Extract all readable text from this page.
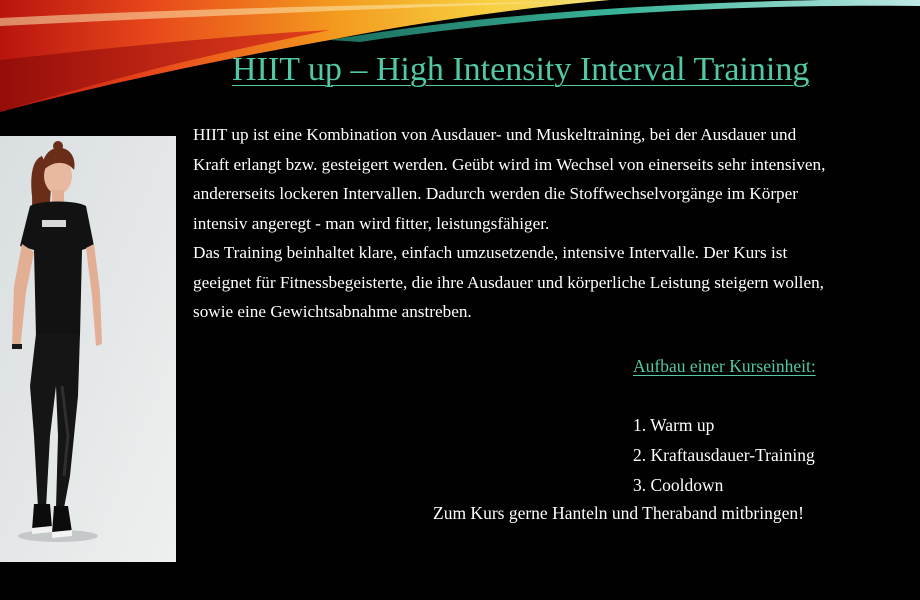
HIIT up – High Intensity Interval Training

HIIT up ist eine Kombination von Ausdauer- und Muskeltraining, bei der Ausdauer und

Kraft erlangt bzw. gesteigert werden. Geübt wird im Wechsel von einerseits sehr intensiven,

andererseits lockeren Intervallen. Dadurch werden die Stoffwechselvorgänge im Körper

intensiv angeregt - man wird fitter, leistungsfähiger.

Das Training beinhaltet klare, einfach umzusetzende, intensive Intervalle. Der Kurs ist

geeignet für Fitnessbegeisterte, die ihre Ausdauer und körperliche Leistung steigern wollen,

sowie eine Gewichtsabnahme anstreben.

Aufbau einer Kurseinheit:
1. Warm up
2. Kraftausdauer-Training
3. Cooldown

Zum Kurs gerne Hanteln und Theraband mitbringen!
